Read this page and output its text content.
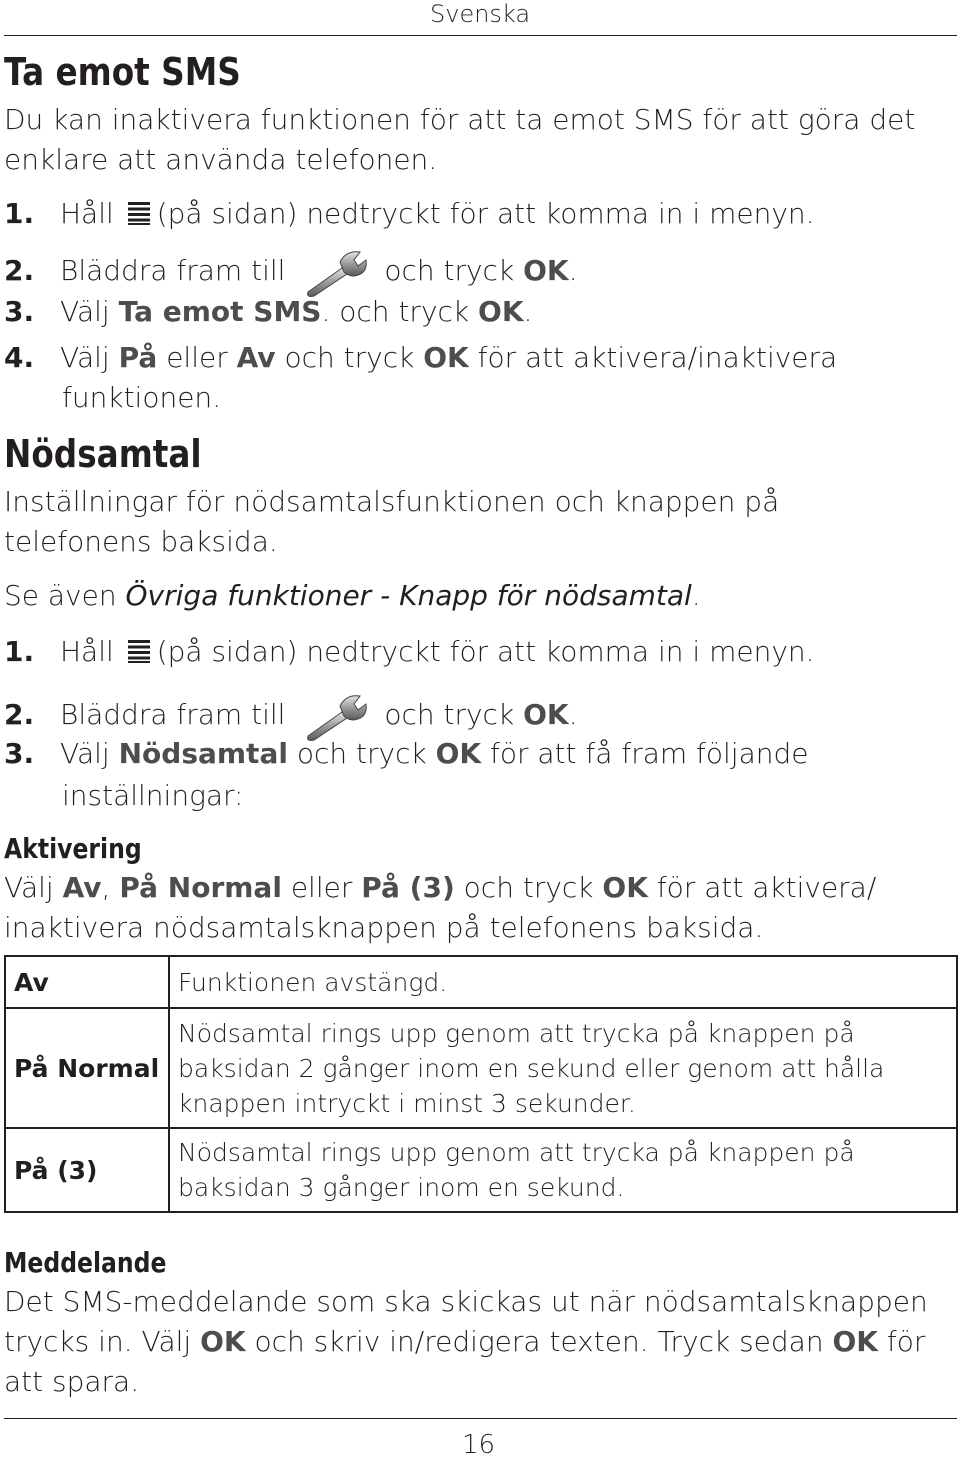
Svenska
Ta emot SMS
Du kan inaktivera funktionen för att ta emot SMS för att göra det
enklare att använda telefonen.
1. Håll (på sidan) nedtryckt för att komma in i menyn.
2. Bläddra fram till	och tryck OK.
3. Välj Ta emot SMS. och tryck OK.
4. Välj På eller Av och tryck OK för att aktivera/inaktivera
funktionen.
Nödsamtal
Inställningar för nödsamtalsfunktionen och knappen på
telefonens baksida.
Se även Övriga funktioner - Knapp för nödsamtal.
1. Håll (på sidan) nedtryckt för att komma in i menyn.
2. Bläddra fram till	och tryck OK.
3. Välj Nödsamtal och tryck OK för att få fram följande
inställningar:
Aktivering
Välj Av, På Normal eller På (3) och tryck OK för att aktivera/
inaktivera nödsamtalsknappen på telefonens baksida.
Av	Funktionen avstängd.

På Normal	Nödsamtal rings upp genom att trycka på knappen på
baksidan 2 gånger inom en sekund eller genom att hålla
knappen intryckt i minst 3 sekunder.

På (3)	Nödsamtal rings upp genom att trycka på knappen på
baksidan 3 gånger inom en sekund.
Meddelande
Det SMS-meddelande som ska skickas ut när nödsamtalsknappen
trycks in. Välj OK och skriv in/redigera texten. Tryck sedan OK för
att spara.
16
